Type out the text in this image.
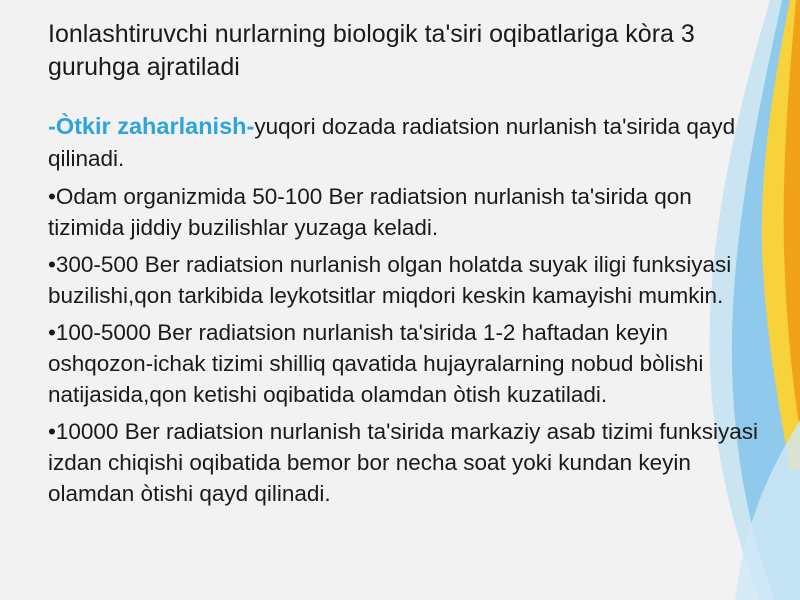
Ionlashtiruvchi nurlarning biologik ta'siri oqibatlariga kòra 3 guruhga ajratiladi
-Òtkir zaharlanish-yuqori dozada radiatsion nurlanish ta'sirida qayd qilinadi.
•Odam organizmida 50-100 Ber radiatsion nurlanish ta'sirida qon tizimida jiddiy buzilishlar yuzaga keladi.
•300-500 Ber radiatsion nurlanish olgan holatda suyak iligi funksiyasi buzilishi,qon tarkibida leykotsitlar miqdori keskin kamayishi mumkin.
•100-5000 Ber radiatsion nurlanish ta'sirida 1-2 haftadan keyin oshqozon-ichak tizimi shilliq qavatida hujayralarning nobud bòlishi natijasida,qon ketishi oqibatida olamdan òtish kuzatiladi.
•10000 Ber radiatsion nurlanish ta'sirida markaziy asab tizimi funksiyasi izdan chiqishi oqibatida bemor bor necha soat yoki kundan keyin olamdan òtishi qayd qilinadi.
